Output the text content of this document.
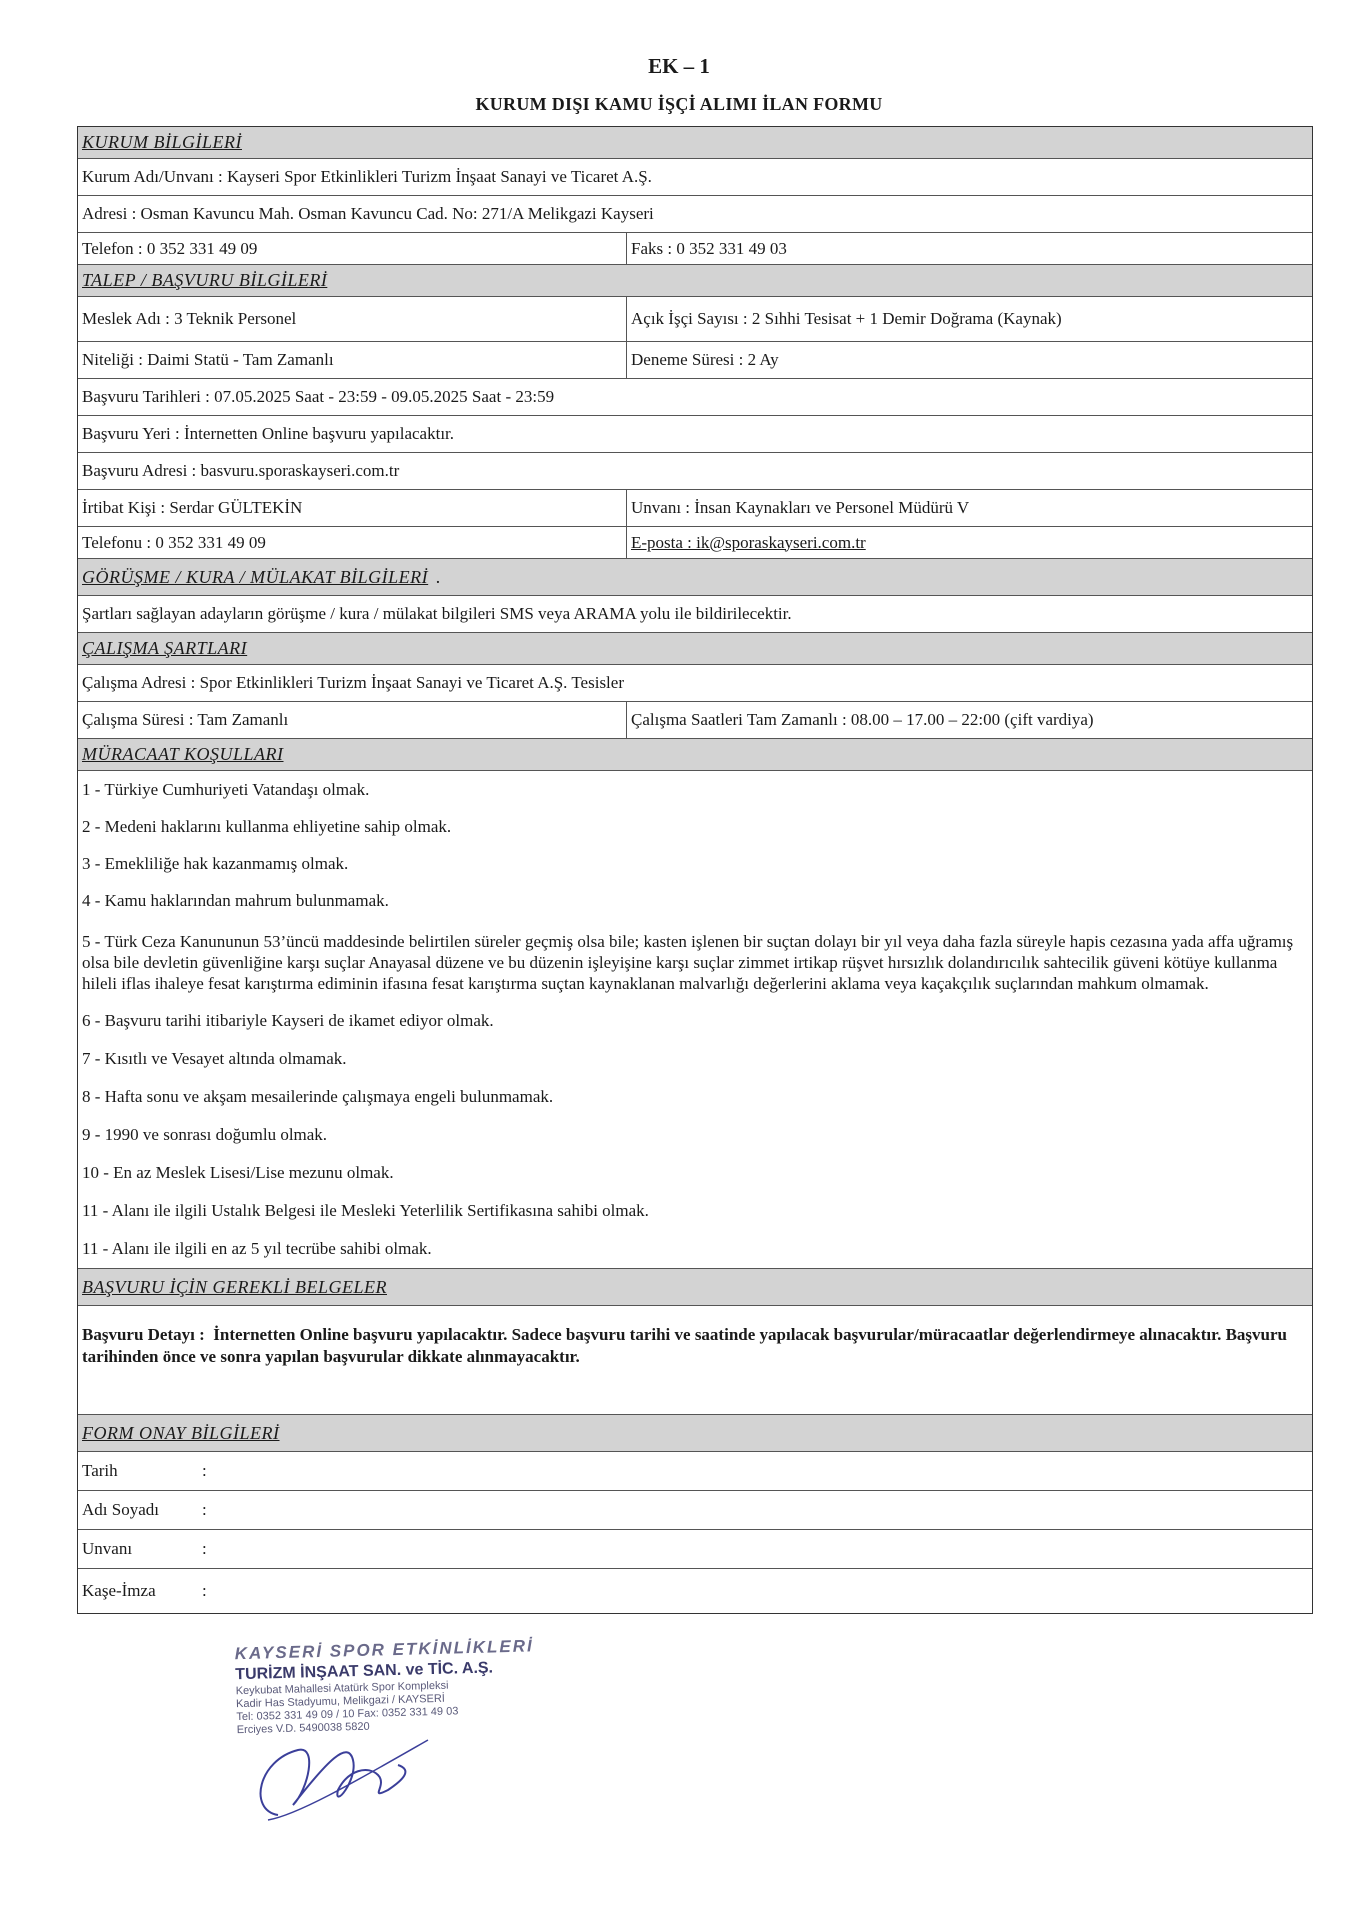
EK – 1
KURUM DIŞI KAMU İŞÇİ ALIMI İLAN FORMU
KURUM BİLGİLERİ
Kurum Adı/Unvanı : Kayseri Spor Etkinlikleri Turizm İnşaat Sanayi ve Ticaret A.Ş.
Adresi : Osman Kavuncu Mah. Osman Kavuncu Cad. No: 271/A Melikgazi Kayseri
Telefon : 0 352 331 49 09	Faks : 0 352 331 49 03
TALEP / BAŞVURU BİLGİLERİ
Meslek Adı : 3 Teknik Personel	Açık İşçi Sayısı : 2 Sıhhi Tesisat + 1 Demir Doğrama (Kaynak)
Niteliği : Daimi Statü - Tam Zamanlı	Deneme Süresi : 2 Ay
Başvuru Tarihleri : 07.05.2025 Saat - 23:59 - 09.05.2025 Saat - 23:59
Başvuru Yeri : İnternetten Online başvuru yapılacaktır.
Başvuru Adresi : basvuru.sporaskayseri.com.tr
İrtibat Kişi : Serdar GÜLTEKİN	Unvanı : İnsan Kaynakları ve Personel Müdürü V
Telefonu : 0 352 331 49 09	E-posta : ik@sporaskayseri.com.tr
GÖRÜŞME / KURA / MÜLAKAT BİLGİLERİ .
Şartları sağlayan adayların görüşme / kura / mülakat bilgileri SMS veya ARAMA yolu ile bildirilecektir.
ÇALIŞMA ŞARTLARI
Çalışma Adresi : Spor Etkinlikleri Turizm İnşaat Sanayi ve Ticaret A.Ş. Tesisler
Çalışma Süresi : Tam Zamanlı	Çalışma Saatleri Tam Zamanlı : 08.00 – 17.00 – 22:00 (çift vardiya)
MÜRACAAT KOŞULLARI
1 - Türkiye Cumhuriyeti Vatandaşı olmak.
2 - Medeni haklarını kullanma ehliyetine sahip olmak.
3 - Emekliliğe hak kazanmamış olmak.
4 - Kamu haklarından mahrum bulunmamak.
5 - Türk Ceza Kanununun 53’üncü maddesinde belirtilen süreler geçmiş olsa bile; kasten işlenen bir suçtan dolayı bir yıl veya daha fazla süreyle hapis cezasına yada affa uğramış olsa bile devletin güvenliğine karşı suçlar Anayasal düzene ve bu düzenin işleyişine karşı suçlar zimmet irtikap rüşvet hırsızlık dolandırıcılık sahtecilik güveni kötüye kullanma hileli iflas ihaleye fesat karıştırma ediminin ifasına fesat karıştırma suçtan kaynaklanan malvarlığı değerlerini aklama veya kaçakçılık suçlarından mahkum olmamak.
6 - Başvuru tarihi itibariyle Kayseri de ikamet ediyor olmak.
7 - Kısıtlı ve Vesayet altında olmamak.
8 - Hafta sonu ve akşam mesailerinde çalışmaya engeli bulunmamak.
9 - 1990 ve sonrası doğumlu olmak.
10 - En az Meslek Lisesi/Lise mezunu olmak.
11 - Alanı ile ilgili Ustalık Belgesi ile Mesleki Yeterlilik Sertifikasına sahibi olmak.
11 - Alanı ile ilgili en az 5 yıl tecrübe sahibi olmak.
BAŞVURU İÇİN GEREKLİ BELGELER
Başvuru Detayı : İnternetten Online başvuru yapılacaktır. Sadece başvuru tarihi ve saatinde yapılacak başvurular/müracaatlar değerlendirmeye alınacaktır. Başvuru tarihinden önce ve sonra yapılan başvurular dikkate alınmayacaktır.
FORM ONAY BİLGİLERİ
Tarih	:
Adı Soyadı	:
Unvanı	:
Kaşe-İmza	:
KAYSERİ SPOR ETKİNLİKLERİ
TURİZM İNŞAAT SAN. ve TİC. A.Ş.
Keykubat Mahallesi Atatürk Spor Kompleksi
Kadir Has Stadyumu, Melikgazi / KAYSERİ
Tel: 0352 331 49 09 / 10 Fax: 0352 331 49 03
Erciyes V.D. 5490038 5820
